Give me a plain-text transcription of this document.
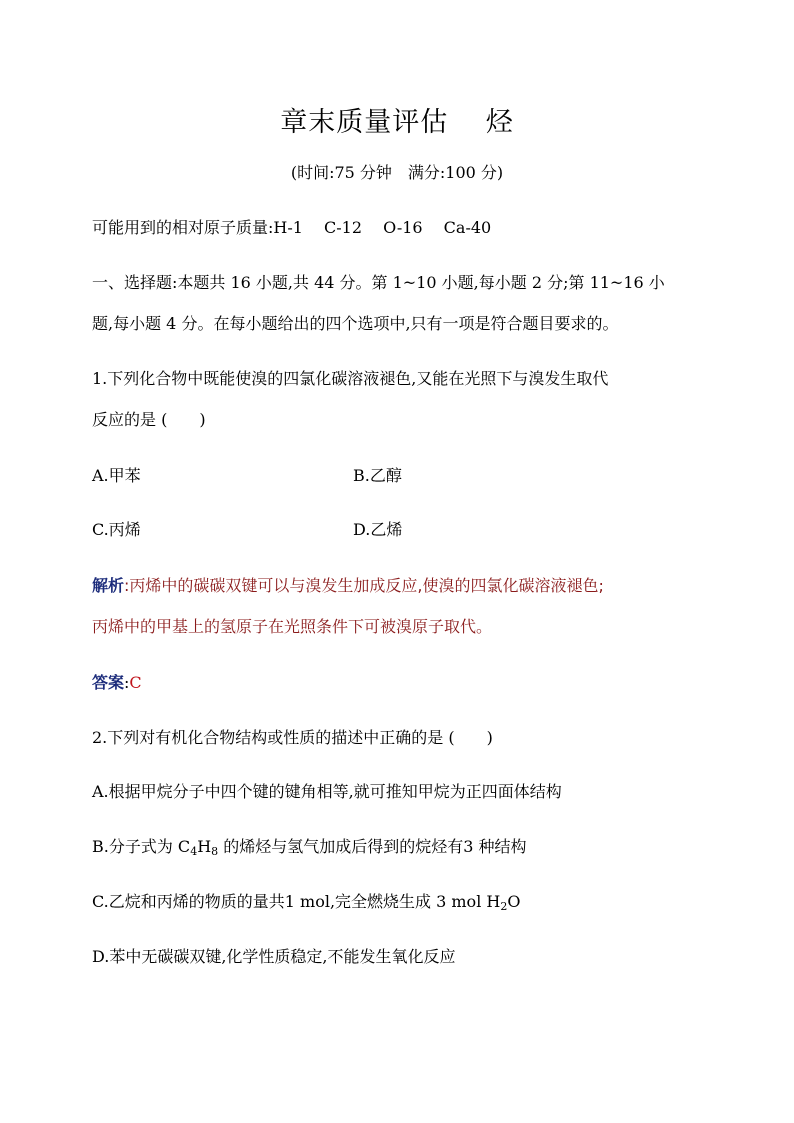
章末质量评估　 烃
(时间:75 分钟　满分:100 分)
可能用到的相对原子质量:H-1　 C-12　 O-16　 Ca-40
一、选择题:本题共 16 小题,共 44 分。第 1~10 小题,每小题 2 分;第 11~16 小
题,每小题 4 分。在每小题给出的四个选项中,只有一项是符合题目要求的。
1.下列化合物中既能使溴的四氯化碳溶液褪色,又能在光照下与溴发生取代
反应的是 (　　)
A.甲苯	B.乙醇
C.丙烯	D.乙烯
解析:丙烯中的碳碳双键可以与溴发生加成反应,使溴的四氯化碳溶液褪色;
丙烯中的甲基上的氢原子在光照条件下可被溴原子取代。
答案:C
2.下列对有机化合物结构或性质的描述中正确的是 (　　)
A.根据甲烷分子中四个键的键角相等,就可推知甲烷为正四面体结构
B.分子式为 $C_4H_8$ 的烯烃与氢气加成后得到的烷烃有3 种结构
C.乙烷和丙烯的物质的量共1 mol,完全燃烧生成 3 mol $H_2O$
D.苯中无碳碳双键,化学性质稳定,不能发生氧化反应
